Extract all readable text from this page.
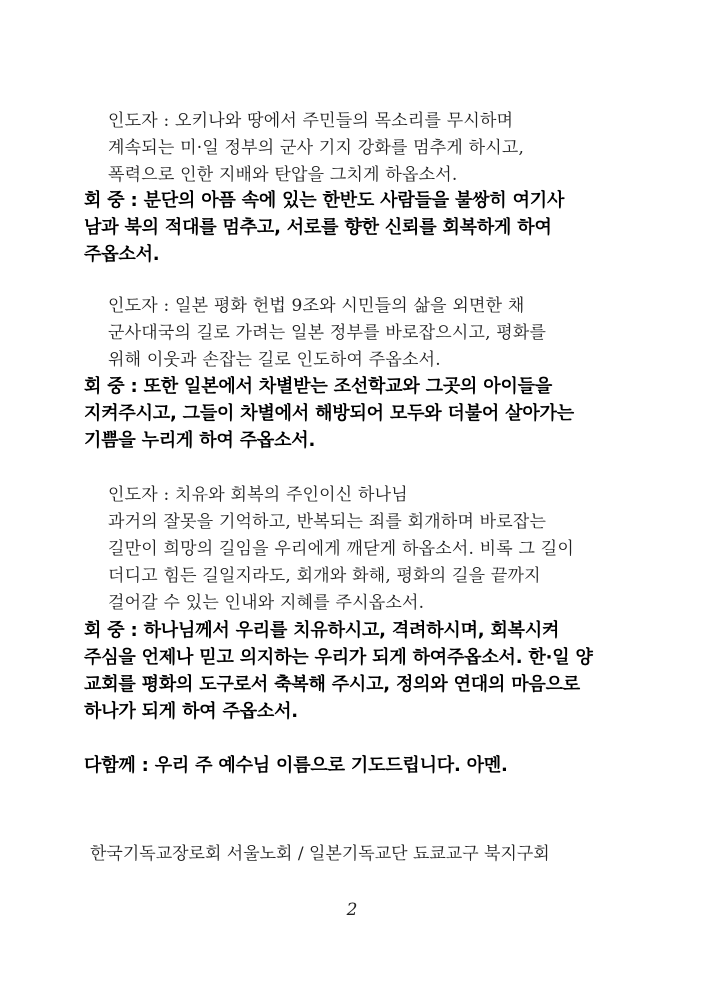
인도자 : 오키나와 땅에서 주민들의 목소리를 무시하며
계속되는 미·일 정부의 군사 기지 강화를 멈추게 하시고,
폭력으로 인한 지배와 탄압을 그치게 하옵소서.
회 중 : 분단의 아픔 속에 있는 한반도 사람들을 불쌍히 여기사
남과 북의 적대를 멈추고, 서로를 향한 신뢰를 회복하게 하여
주옵소서.
인도자 : 일본 평화 헌법 9조와 시민들의 삶을 외면한 채
군사대국의 길로 가려는 일본 정부를 바로잡으시고, 평화를
위해 이웃과 손잡는 길로 인도하여 주옵소서.
회 중 : 또한 일본에서 차별받는 조선학교와 그곳의 아이들을
지켜주시고, 그들이 차별에서 해방되어 모두와 더불어 살아가는
기쁨을 누리게 하여 주옵소서.
인도자 : 치유와 회복의 주인이신 하나님
과거의 잘못을 기억하고, 반복되는 죄를 회개하며 바로잡는
길만이 희망의 길임을 우리에게 깨닫게 하옵소서. 비록 그 길이
더디고 힘든 길일지라도, 회개와 화해, 평화의 길을 끝까지
걸어갈 수 있는 인내와 지혜를 주시옵소서.
회 중 : 하나님께서 우리를 치유하시고, 격려하시며, 회복시켜
주심을 언제나 믿고 의지하는 우리가 되게 하여주옵소서. 한·일 양
교회를 평화의 도구로서 축복해 주시고, 정의와 연대의 마음으로
하나가 되게 하여 주옵소서.
다함께 : 우리 주 예수님 이름으로 기도드립니다. 아멘.
한국기독교장로회 서울노회 / 일본기독교단 됴쿄교구 북지구회
2
